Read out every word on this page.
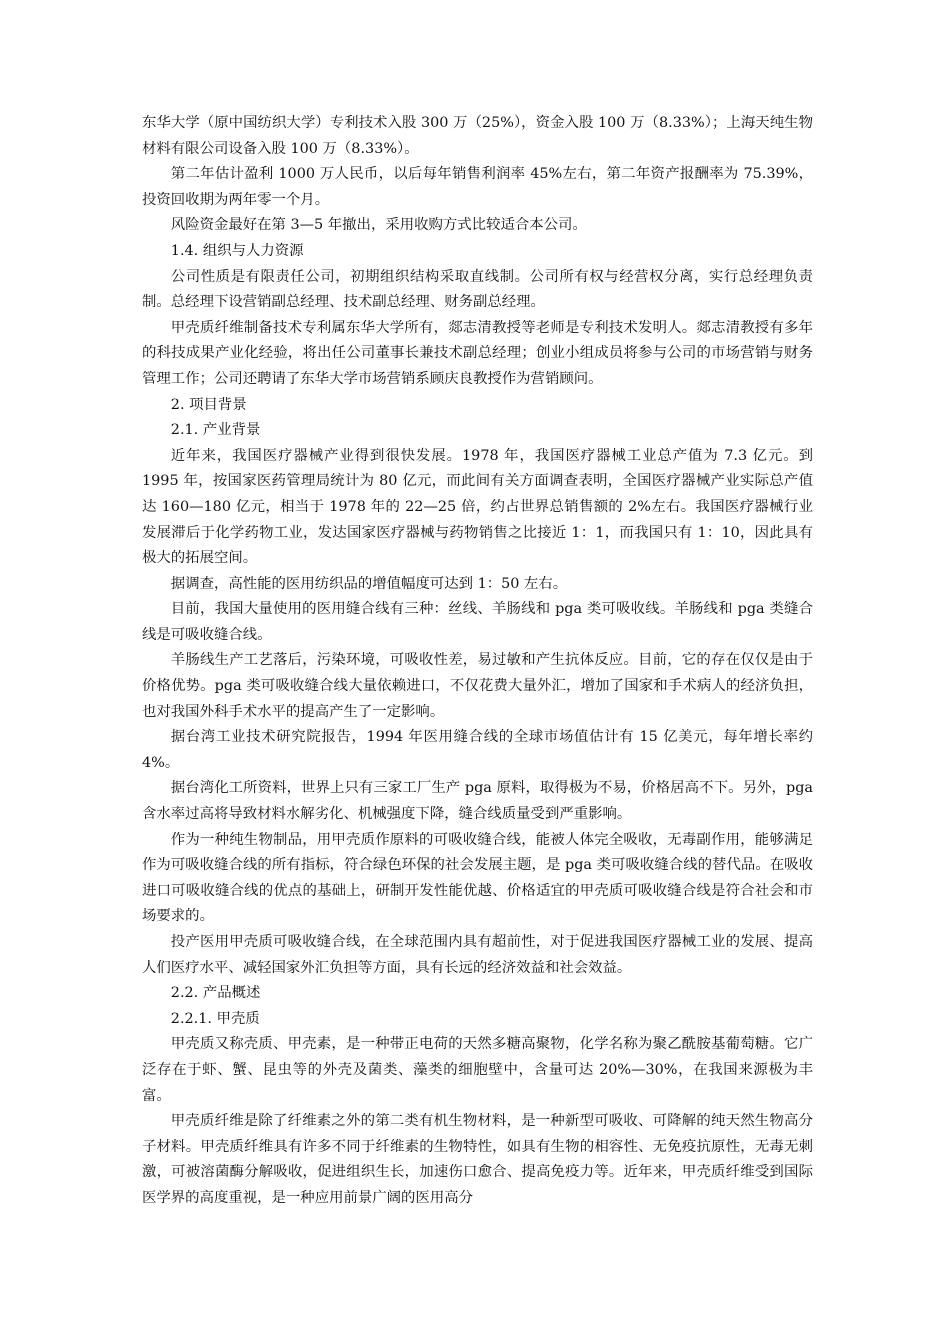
东华大学（原中国纺织大学）专利技术入股 300 万（25%），资金入股 100 万（8.33%）；上海天纯生物材料有限公司设备入股 100 万（8.33%）。

第二年估计盈利 1000 万人民币，以后每年销售利润率 45%左右，第二年资产报酬率为 75.39%，投资回收期为两年零一个月。

风险资金最好在第 3—5 年撤出，采用收购方式比较适合本公司。

1.4. 组织与人力资源

公司性质是有限责任公司，初期组织结构采取直线制。公司所有权与经营权分离，实行总经理负责制。总经理下设营销副总经理、技术副总经理、财务副总经理。

甲壳质纤维制备技术专利属东华大学所有，郯志清教授等老师是专利技术发明人。郯志清教授有多年的科技成果产业化经验，将出任公司董事长兼技术副总经理；创业小组成员将参与公司的市场营销与财务管理工作；公司还聘请了东华大学市场营销系顾庆良教授作为营销顾问。

2. 项目背景

2.1. 产业背景

近年来，我国医疗器械产业得到很快发展。1978 年，我国医疗器械工业总产值为 7.3 亿元。到 1995 年，按国家医药管理局统计为 80 亿元，而此间有关方面调查表明，全国医疗器械产业实际总产值达 160—180 亿元，相当于 1978 年的 22—25 倍，约占世界总销售额的 2%左右。我国医疗器械行业发展滞后于化学药物工业，发达国家医疗器械与药物销售之比接近 1：1，而我国只有 1：10，因此具有极大的拓展空间。

据调查，高性能的医用纺织品的增值幅度可达到 1：50 左右。

目前，我国大量使用的医用缝合线有三种：丝线、羊肠线和 pga 类可吸收线。羊肠线和 pga 类缝合线是可吸收缝合线。

羊肠线生产工艺落后，污染环境，可吸收性差，易过敏和产生抗体反应。目前，它的存在仅仅是由于价格优势。pga 类可吸收缝合线大量依赖进口，不仅花费大量外汇，增加了国家和手术病人的经济负担，也对我国外科手术水平的提高产生了一定影响。

据台湾工业技术研究院报告，1994 年医用缝合线的全球市场值估计有 15 亿美元，每年增长率约 4%。

据台湾化工所资料，世界上只有三家工厂生产 pga 原料，取得极为不易，价格居高不下。另外，pga 含水率过高将导致材料水解劣化、机械强度下降，缝合线质量受到严重影响。

作为一种纯生物制品，用甲壳质作原料的可吸收缝合线，能被人体完全吸收，无毒副作用，能够满足作为可吸收缝合线的所有指标，符合绿色环保的社会发展主题，是 pga 类可吸收缝合线的替代品。在吸收进口可吸收缝合线的优点的基础上，研制开发性能优越、价格适宜的甲壳质可吸收缝合线是符合社会和市场要求的。

投产医用甲壳质可吸收缝合线，在全球范围内具有超前性，对于促进我国医疗器械工业的发展、提高人们医疗水平、减轻国家外汇负担等方面，具有长远的经济效益和社会效益。

2.2. 产品概述

2.2.1. 甲壳质

甲壳质又称壳质、甲壳素，是一种带正电荷的天然多糖高聚物，化学名称为聚乙酰胺基葡萄糖。它广泛存在于虾、蟹、昆虫等的外壳及菌类、藻类的细胞壁中，含量可达 20%—30%，在我国来源极为丰富。

甲壳质纤维是除了纤维素之外的第二类有机生物材料，是一种新型可吸收、可降解的纯天然生物高分子材料。甲壳质纤维具有许多不同于纤维素的生物特性，如具有生物的相容性、无免疫抗原性，无毒无刺激，可被溶菌酶分解吸收，促进组织生长，加速伤口愈合、提高免疫力等。近年来，甲壳质纤维受到国际医学界的高度重视，是一种应用前景广阔的医用高分
